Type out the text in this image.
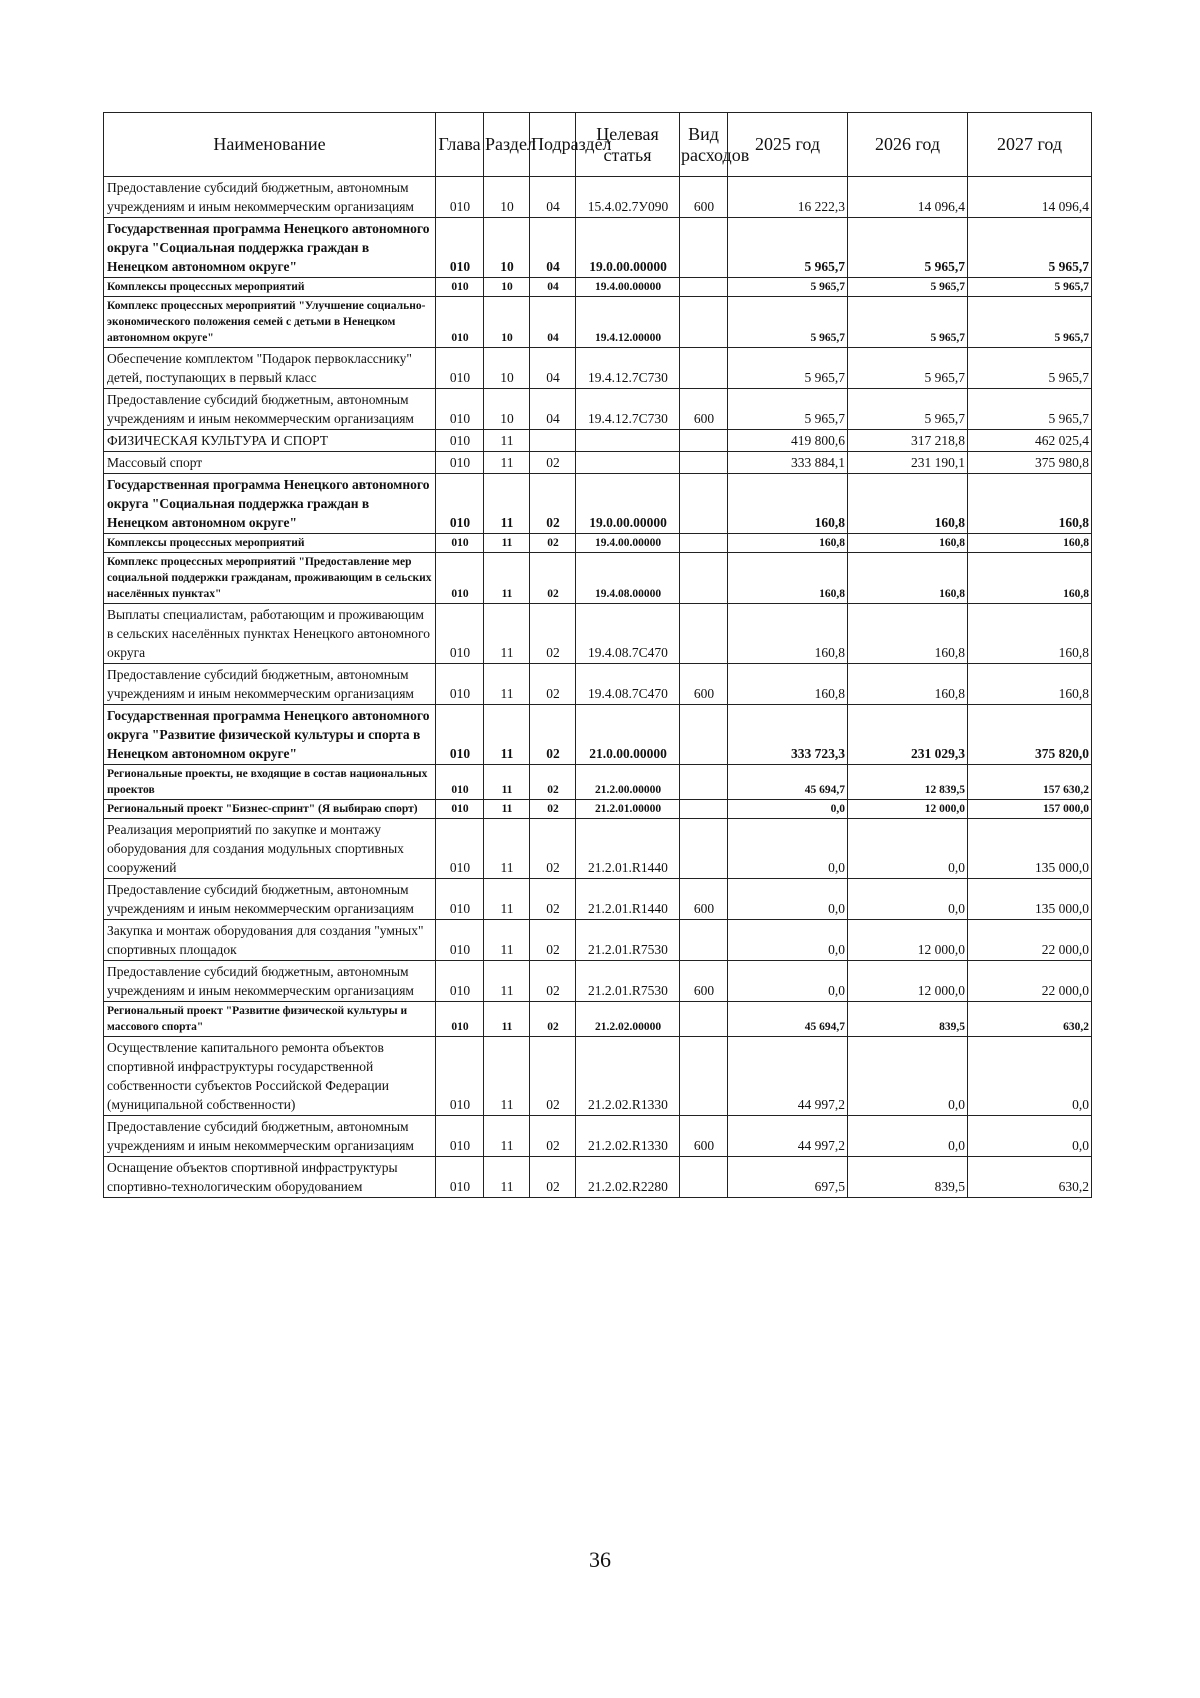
Наименование	Глава	Раздел	Подраздел	Целевая статья	Вид расходов	2025 год	2026 год	2027 год
Предоставление субсидий бюджетным, автономным учреждениям и иным некоммерческим организациям	010	10	04	15.4.02.7У090	600	16 222,3	14 096,4	14 096,4
Государственная программа Ненецкого автономного округа "Социальная поддержка граждан в Ненецком автономном округе"	010	10	04	19.0.00.00000		5 965,7	5 965,7	5 965,7
Комплексы процессных мероприятий	010	10	04	19.4.00.00000		5 965,7	5 965,7	5 965,7
Комплекс процессных мероприятий "Улучшение социально-экономического положения семей с детьми в Ненецком автономном округе"	010	10	04	19.4.12.00000		5 965,7	5 965,7	5 965,7
Обеспечение комплектом "Подарок первокласснику" детей, поступающих в первый класс	010	10	04	19.4.12.7С730		5 965,7	5 965,7	5 965,7
Предоставление субсидий бюджетным, автономным учреждениям и иным некоммерческим организациям	010	10	04	19.4.12.7С730	600	5 965,7	5 965,7	5 965,7
ФИЗИЧЕСКАЯ КУЛЬТУРА И СПОРТ	010	11				419 800,6	317 218,8	462 025,4
Массовый спорт	010	11	02			333 884,1	231 190,1	375 980,8
Государственная программа Ненецкого автономного округа "Социальная поддержка граждан в Ненецком автономном округе"	010	11	02	19.0.00.00000		160,8	160,8	160,8
Комплексы процессных мероприятий	010	11	02	19.4.00.00000		160,8	160,8	160,8
Комплекс процессных мероприятий "Предоставление мер социальной поддержки гражданам, проживающим в сельских населённых пунктах"	010	11	02	19.4.08.00000		160,8	160,8	160,8
Выплаты специалистам, работающим и проживающим в сельских населённых пунктах Ненецкого автономного округа	010	11	02	19.4.08.7С470		160,8	160,8	160,8
Предоставление субсидий бюджетным, автономным учреждениям и иным некоммерческим организациям	010	11	02	19.4.08.7С470	600	160,8	160,8	160,8
Государственная программа Ненецкого автономного округа "Развитие физической культуры и спорта в Ненецком автономном округе"	010	11	02	21.0.00.00000		333 723,3	231 029,3	375 820,0
Региональные проекты, не входящие в состав национальных проектов	010	11	02	21.2.00.00000		45 694,7	12 839,5	157 630,2
Региональный проект "Бизнес-спринт" (Я выбираю спорт)	010	11	02	21.2.01.00000		0,0	12 000,0	157 000,0
Реализация мероприятий по закупке и монтажу оборудования для создания модульных спортивных сооружений	010	11	02	21.2.01.R1440		0,0	0,0	135 000,0
Предоставление субсидий бюджетным, автономным учреждениям и иным некоммерческим организациям	010	11	02	21.2.01.R1440	600	0,0	0,0	135 000,0
Закупка и монтаж оборудования для создания "умных" спортивных площадок	010	11	02	21.2.01.R7530		0,0	12 000,0	22 000,0
Предоставление субсидий бюджетным, автономным учреждениям и иным некоммерческим организациям	010	11	02	21.2.01.R7530	600	0,0	12 000,0	22 000,0
Региональный проект "Развитие физической культуры и массового спорта"	010	11	02	21.2.02.00000		45 694,7	839,5	630,2
Осуществление капитального ремонта объектов спортивной инфраструктуры государственной собственности субъектов Российской Федерации (муниципальной собственности)	010	11	02	21.2.02.R1330		44 997,2	0,0	0,0
Предоставление субсидий бюджетным, автономным учреждениям и иным некоммерческим организациям	010	11	02	21.2.02.R1330	600	44 997,2	0,0	0,0
Оснащение объектов спортивной инфраструктуры спортивно-технологическим оборудованием	010	11	02	21.2.02.R2280		697,5	839,5	630,2
36
